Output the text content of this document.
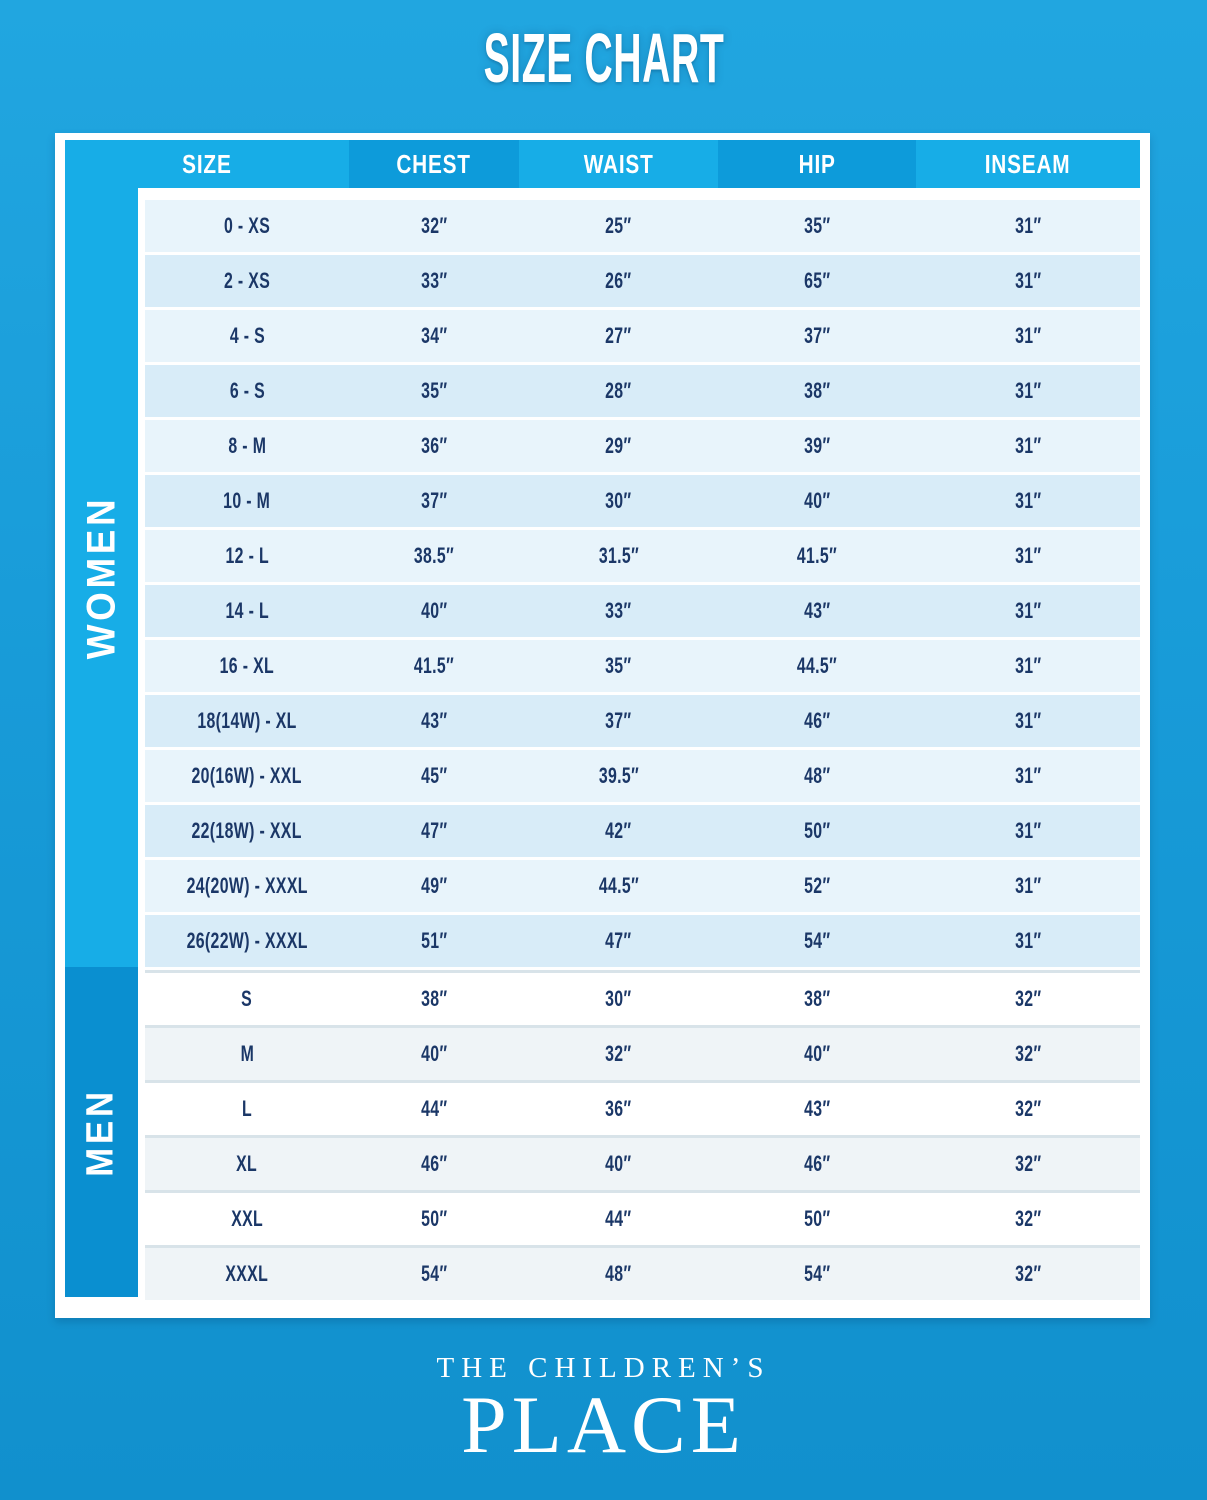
SIZE CHART
SIZE	CHEST	WAIST	HIP	INSEAM
WOMEN
MEN
0 - XS	32″	25″	35″	31″
2 - XS	33″	26″	65″	31″
4 - S	34″	27″	37″	31″
6 - S	35″	28″	38″	31″
8 - M	36″	29″	39″	31″
10 - M	37″	30″	40″	31″
12 - L	38.5″	31.5″	41.5″	31″
14 - L	40″	33″	43″	31″
16 - XL	41.5″	35″	44.5″	31″
18(14W) - XL	43″	37″	46″	31″
20(16W) - XXL	45″	39.5″	48″	31″
22(18W) - XXL	47″	42″	50″	31″
24(20W) - XXXL	49″	44.5″	52″	31″
26(22W) - XXXL	51″	47″	54″	31″
S	38″	30″	38″	32″
M	40″	32″	40″	32″
L	44″	36″	43″	32″
XL	46″	40″	46″	32″
XXL	50″	44″	50″	32″
XXXL	54″	48″	54″	32″
THE CHILDREN’S
PLACE
